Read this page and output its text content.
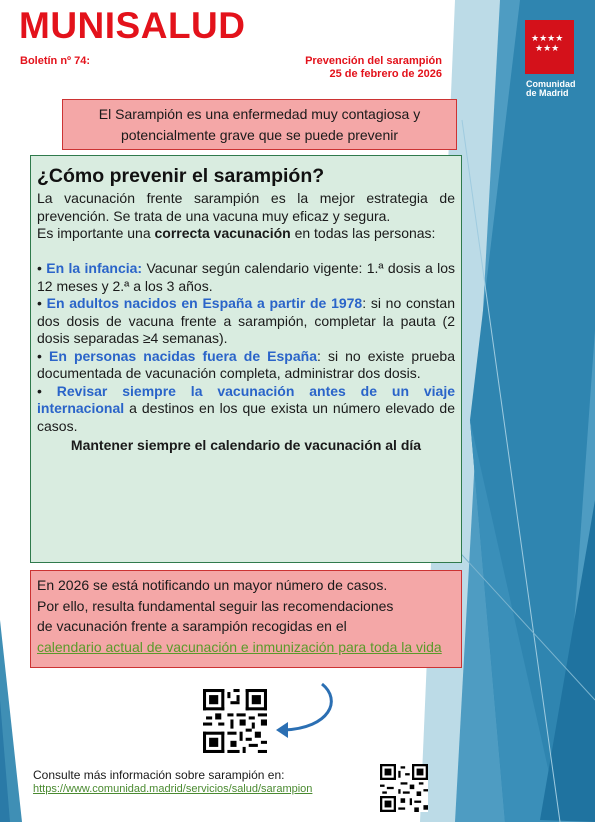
MUNISALUD
Boletín nº 74:	Prevención del sarampión
25 de febrero de 2026
★★★★
★★★
Comunidad
de Madrid
El Sarampión es una enfermedad muy contagiosa y
potencialmente grave que se puede prevenir
¿Cómo prevenir el sarampión?

La vacunación frente sarampión es la mejor estrategia de prevención. Se trata de una vacuna muy eficaz y segura.

Es importante una correcta vacunación en todas las personas:

• En la infancia: Vacunar según calendario vigente: 1.ª dosis a los 12 meses y 2.ª a los 3 años.

• En adultos nacidos en España a partir de 1978: si no constan dos dosis de vacuna frente a sarampión, completar la pauta (2 dosis separadas ≥4 semanas).

• En personas nacidas fuera de España: si no existe prueba documentada de vacunación completa, administrar dos dosis.

• Revisar siempre la vacunación antes de un viaje internacional a destinos en los que exista un número elevado de casos.

Mantener siempre el calendario de vacunación al día
En 2026 se está notificando un mayor número de casos.
Por ello, resulta fundamental seguir las recomendaciones
de vacunación frente a sarampión recogidas en el
calendario actual de vacunación e inmunización para toda la vida
Consulte más información sobre sarampión en:
https://www.comunidad.madrid/servicios/salud/sarampion
